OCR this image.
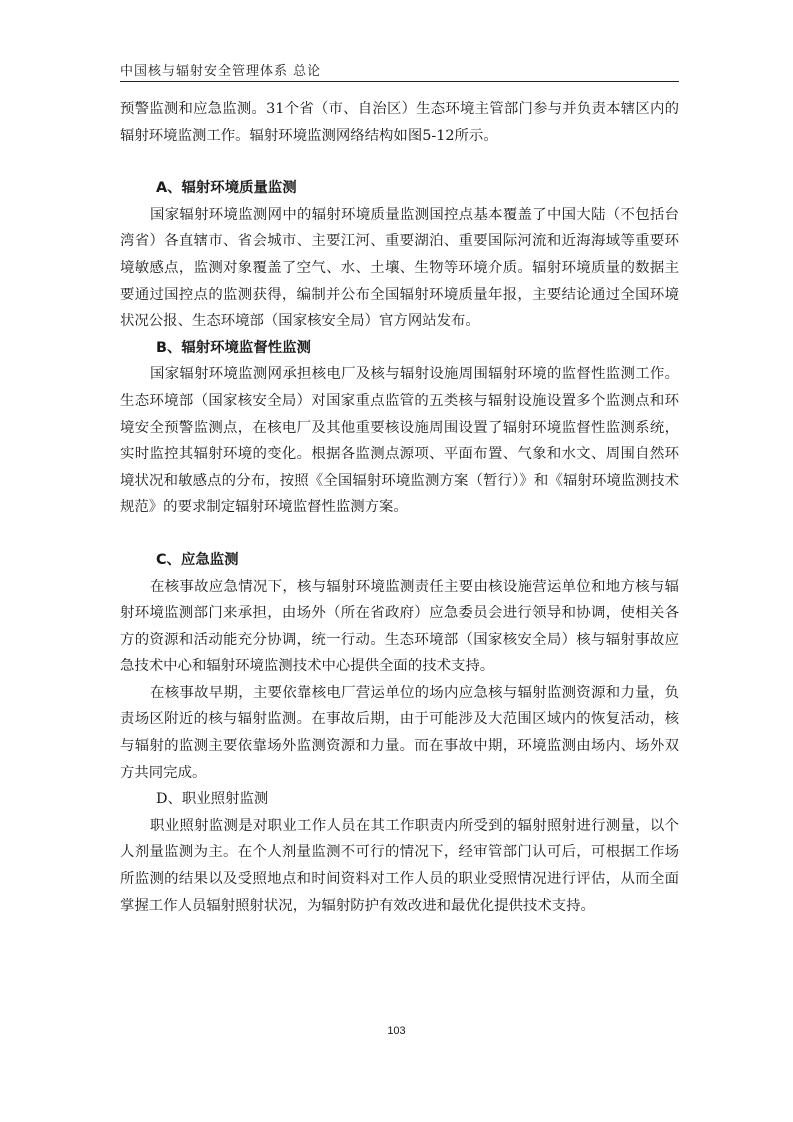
中国核与辐射安全管理体系 总论

预警监测和应急监测。31个省（市、自治区）生态环境主管部门参与并负责本辖区内的辐射环境监测工作。辐射环境监测网络结构如图5-12所示。

A、辐射环境质量监测

国家辐射环境监测网中的辐射环境质量监测国控点基本覆盖了中国大陆（不包括台湾省）各直辖市、省会城市、主要江河、重要湖泊、重要国际河流和近海海域等重要环境敏感点，监测对象覆盖了空气、水、土壤、生物等环境介质。辐射环境质量的数据主要通过国控点的监测获得，编制并公布全国辐射环境质量年报，主要结论通过全国环境状况公报、生态环境部（国家核安全局）官方网站发布。

B、辐射环境监督性监测

国家辐射环境监测网承担核电厂及核与辐射设施周围辐射环境的监督性监测工作。生态环境部（国家核安全局）对国家重点监管的五类核与辐射设施设置多个监测点和环境安全预警监测点，在核电厂及其他重要核设施周围设置了辐射环境监督性监测系统，实时监控其辐射环境的变化。根据各监测点源项、平面布置、气象和水文、周围自然环境状况和敏感点的分布，按照《全国辐射环境监测方案（暂行）》和《辐射环境监测技术规范》的要求制定辐射环境监督性监测方案。

C、应急监测

在核事故应急情况下，核与辐射环境监测责任主要由核设施营运单位和地方核与辐射环境监测部门来承担，由场外（所在省政府）应急委员会进行领导和协调，使相关各方的资源和活动能充分协调，统一行动。生态环境部（国家核安全局）核与辐射事故应急技术中心和辐射环境监测技术中心提供全面的技术支持。

在核事故早期，主要依靠核电厂营运单位的场内应急核与辐射监测资源和力量，负责场区附近的核与辐射监测。在事故后期，由于可能涉及大范围区域内的恢复活动，核与辐射的监测主要依靠场外监测资源和力量。而在事故中期，环境监测由场内、场外双方共同完成。

D、职业照射监测

职业照射监测是对职业工作人员在其工作职责内所受到的辐射照射进行测量，以个人剂量监测为主。在个人剂量监测不可行的情况下，经审管部门认可后，可根据工作场所监测的结果以及受照地点和时间资料对工作人员的职业受照情况进行评估，从而全面掌握工作人员辐射照射状况，为辐射防护有效改进和最优化提供技术支持。

103
